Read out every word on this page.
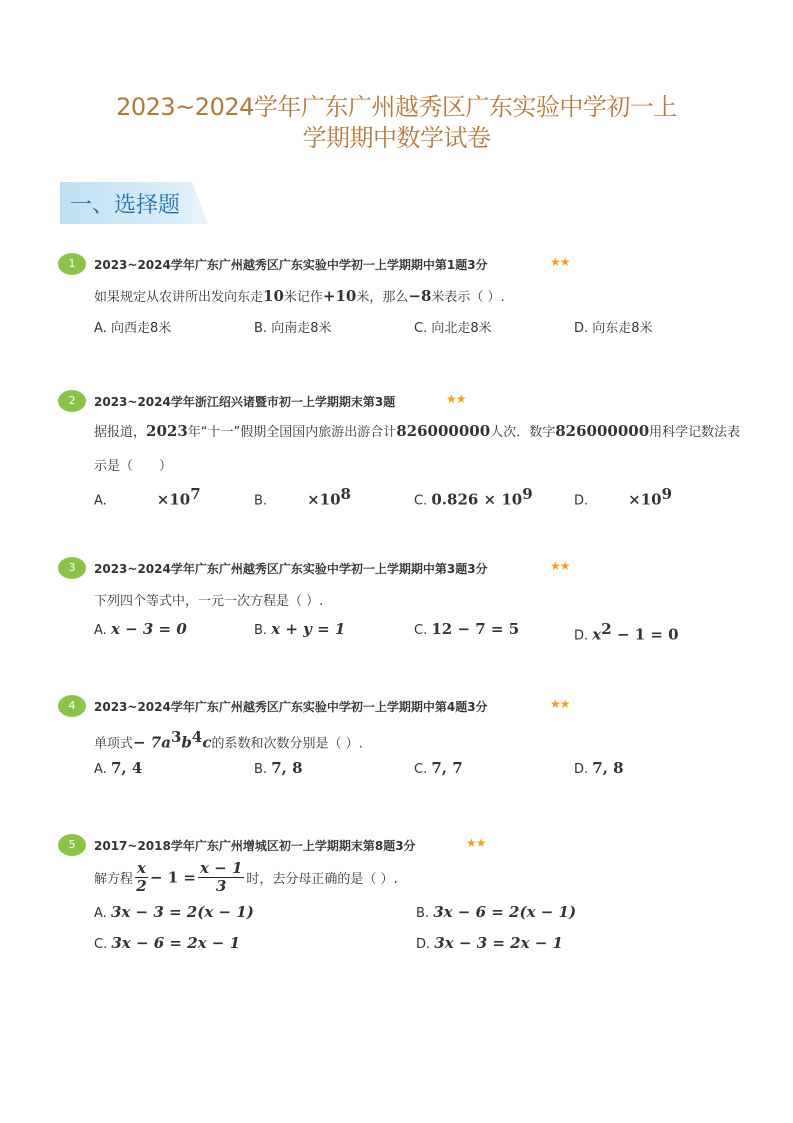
2023~2024学年广东广州越秀区广东实验中学初一上
学期期中数学试卷
一、选择题
1	2023~2024学年广东广州越秀区广东实验中学初一上学期期中第1题3分	★★
如果规定从农讲所出发向东走10米记作+10米，那么−8米表示（ ）.
A. 向西走8米	B. 向南走8米	C. 向北走8米	D. 向东走8米
2	2023~2024学年浙江绍兴诸暨市初一上学期期末第3题	★★
据报道，2023年“十一”假期全国国内旅游出游合计826000000人次．数字826000000用科学记数法表
示是（　　）
A.	$\times 10^7$	B.	$\times 10^8$	C. $0.826 \times 10^9$	D.	$\times 10^9$
3	2023~2024学年广东广州越秀区广东实验中学初一上学期期中第3题3分	★★
下列四个等式中，一元一次方程是（ ）.
A. x − 3 = 0	B. x + y = 1	C. 12 − 7 = 5	D. $x^2 - 1 = 0$
4	2023~2024学年广东广州越秀区广东实验中学初一上学期期中第4题3分	★★
单项式− $7a^3b^4c$的系数和次数分别是（ ）.
A. 7, 4	B. 7, 8	C. 7, 7	D. 7, 8
5	2017~2018学年广东广州增城区初一上学期期末第8题3分	★★
解方程 $\frac{x}{2} - 1 = \frac{x - 1}{3}$ 时，去分母正确的是（ ）.
A. 3x − 3 = 2(x − 1)	B. 3x − 6 = 2(x − 1)
C. 3x − 6 = 2x − 1	D. 3x − 3 = 2x − 1
